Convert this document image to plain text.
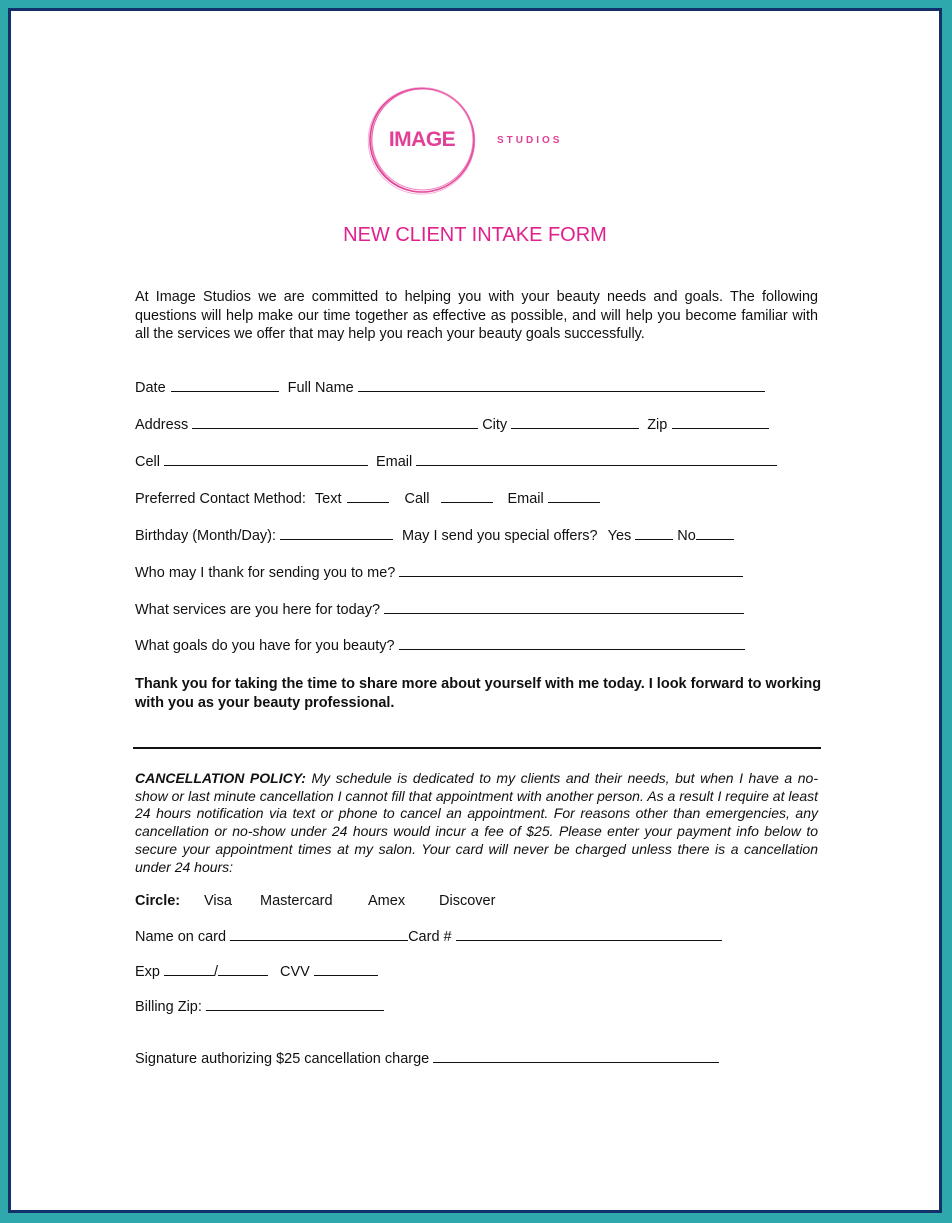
IMAGE	STUDIOS
NEW CLIENT INTAKE FORM
At Image Studios we are committed to helping you with your beauty needs and goals. The following questions will help make our time together as effective as possible, and will help you become familiar with all the services we offer that may help you reach your beauty goals successfully.
Date	Full Name
Address	City	Zip
Cell	Email
Preferred Contact Method: Text	Call	Email
Birthday (Month/Day):	May I send you special offers? Yes	No
Who may I thank for sending you to me?
What services are you here for today?
What goals do you have for you beauty?
Thank you for taking the time to share more about yourself with me today. I look forward to working with you as your beauty professional.
CANCELLATION POLICY: My schedule is dedicated to my clients and their needs, but when I have a no-show or last minute cancellation I cannot fill that appointment with another person. As a result I require at least 24 hours notification via text or phone to cancel an appointment. For reasons other than emergencies, any cancellation or no-show under 24 hours would incur a fee of $25. Please enter your payment info below to secure your appointment times at my salon. Your card will never be charged unless there is a cancellation under 24 hours:
Circle: Visa Mastercard Amex Discover
Name on card	Card #
Exp	/	CVV
Billing Zip:
Signature authorizing $25 cancellation charge
